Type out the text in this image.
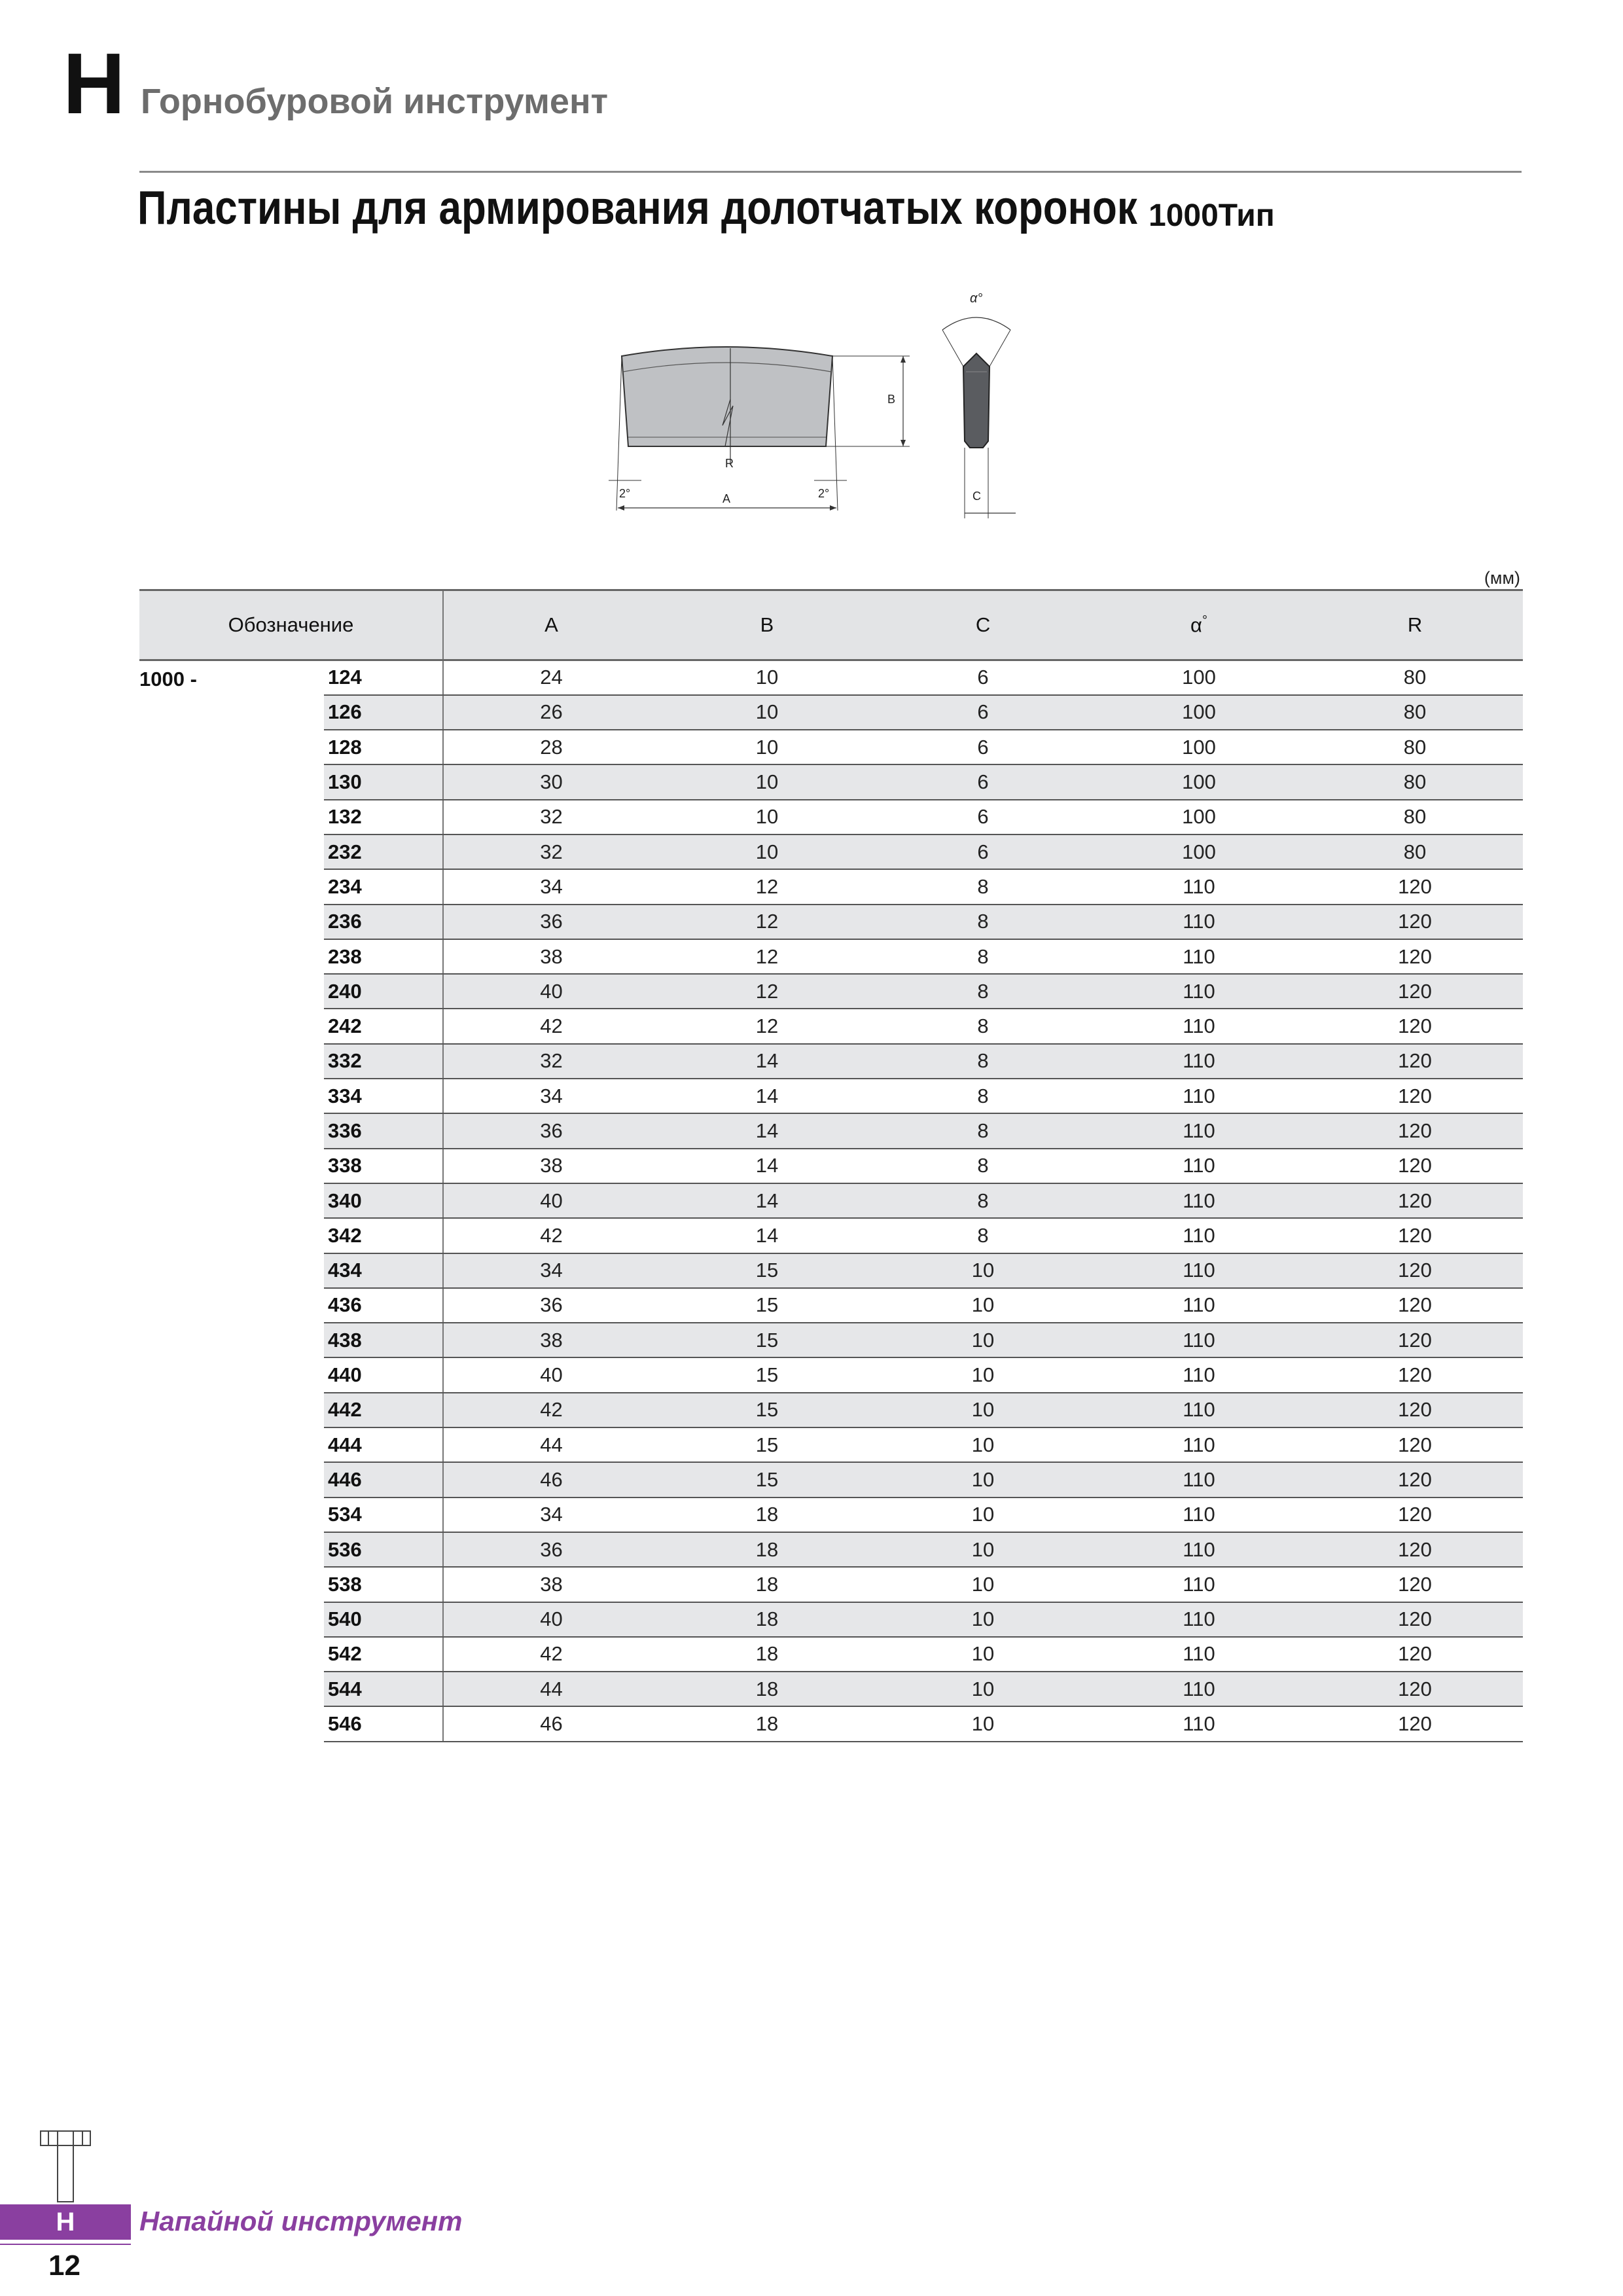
H Горнобуровой инструмент
Пластины для армирования долотчатых коронок 1000Тип
R
B
A
2°	2°
α°
C
(мм)
Обозначение		A	B	C	α°	R
1000 -	124	24	10	6	100	80
	126	26	10	6	100	80
	128	28	10	6	100	80
	130	30	10	6	100	80
	132	32	10	6	100	80
	232	32	10	6	100	80
	234	34	12	8	110	120
	236	36	12	8	110	120
	238	38	12	8	110	120
	240	40	12	8	110	120
	242	42	12	8	110	120
	332	32	14	8	110	120
	334	34	14	8	110	120
	336	36	14	8	110	120
	338	38	14	8	110	120
	340	40	14	8	110	120
	342	42	14	8	110	120
	434	34	15	10	110	120
	436	36	15	10	110	120
	438	38	15	10	110	120
	440	40	15	10	110	120
	442	42	15	10	110	120
	444	44	15	10	110	120
	446	46	15	10	110	120
	534	34	18	10	110	120
	536	36	18	10	110	120
	538	38	18	10	110	120
	540	40	18	10	110	120
	542	42	18	10	110	120
	544	44	18	10	110	120
	546	46	18	10	110	120
H	Напайной инструмент
12
